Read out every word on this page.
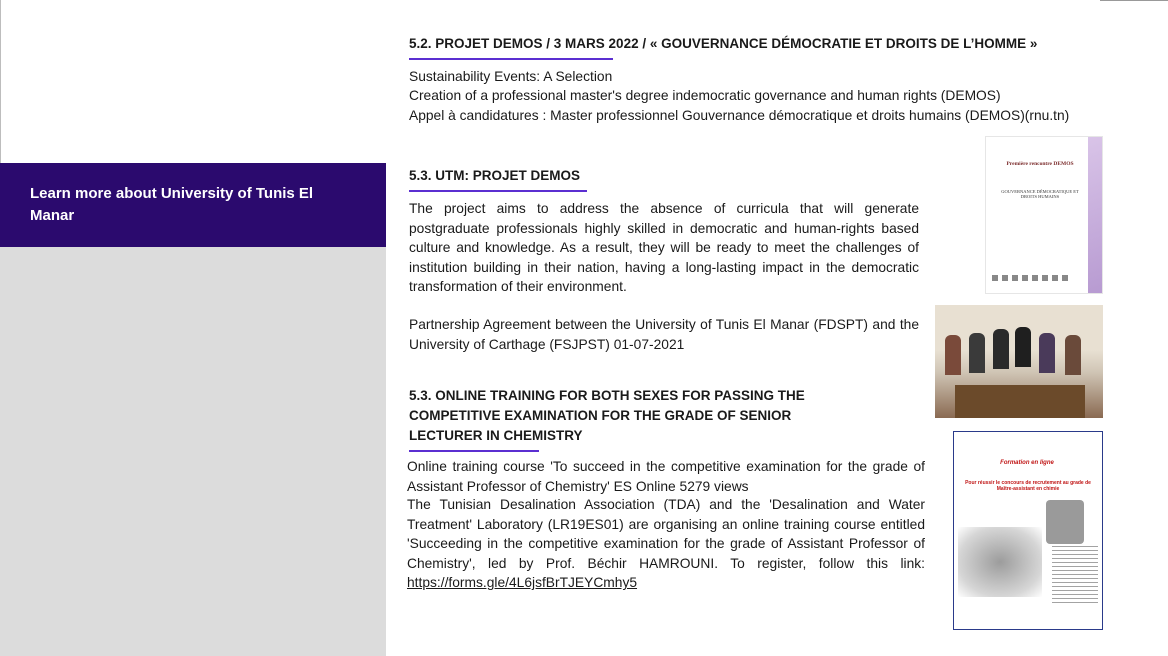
Learn more about University of Tunis El Manar
5.2. PROJET DEMOS / 3 MARS 2022 / « GOUVERNANCE DÉMOCRATIE ET DROITS DE L’HOMME »
Sustainability Events: A Selection
Creation of a professional master's degree indemocratic governance and human rights (DEMOS)
Appel à candidatures : Master professionnel Gouvernance démocratique et droits humains (DEMOS)(rnu.tn)
5.3. UTM: PROJET DEMOS
The project aims to address the absence of curricula that will generate postgraduate professionals highly skilled in democratic and human-rights based culture and knowledge. As a result, they will be ready to meet the challenges of institution building in their nation, having a long-lasting impact in the democratic transformation of their environment.
Partnership Agreement between the University of Tunis El Manar (FDSPT) and the University of Carthage (FSJPST) 01-07-2021
5.3. ONLINE TRAINING FOR BOTH SEXES FOR PASSING THE COMPETITIVE EXAMINATION FOR THE GRADE OF SENIOR LECTURER IN CHEMISTRY
Online training course 'To succeed in the competitive examination for the grade of Assistant Professor of Chemistry' ES Online 5279 views
The Tunisian Desalination Association (TDA) and the 'Desalination and Water Treatment' Laboratory (LR19ES01) are organising an online training course entitled 'Succeeding in the competitive examination for the grade of Assistant Professor of Chemistry', led by Prof. Béchir HAMROUNI. To register, follow this link: https://forms.gle/4L6jsfBrTJEYCmhy5
Première rencontre DEMOS
GOUVERNANCE DÉMOCRATIQUE ET DROITS HUMAINS
Formation en ligne
Pour réussir le concours de recrutement au grade de Maître-assistant en chimie
